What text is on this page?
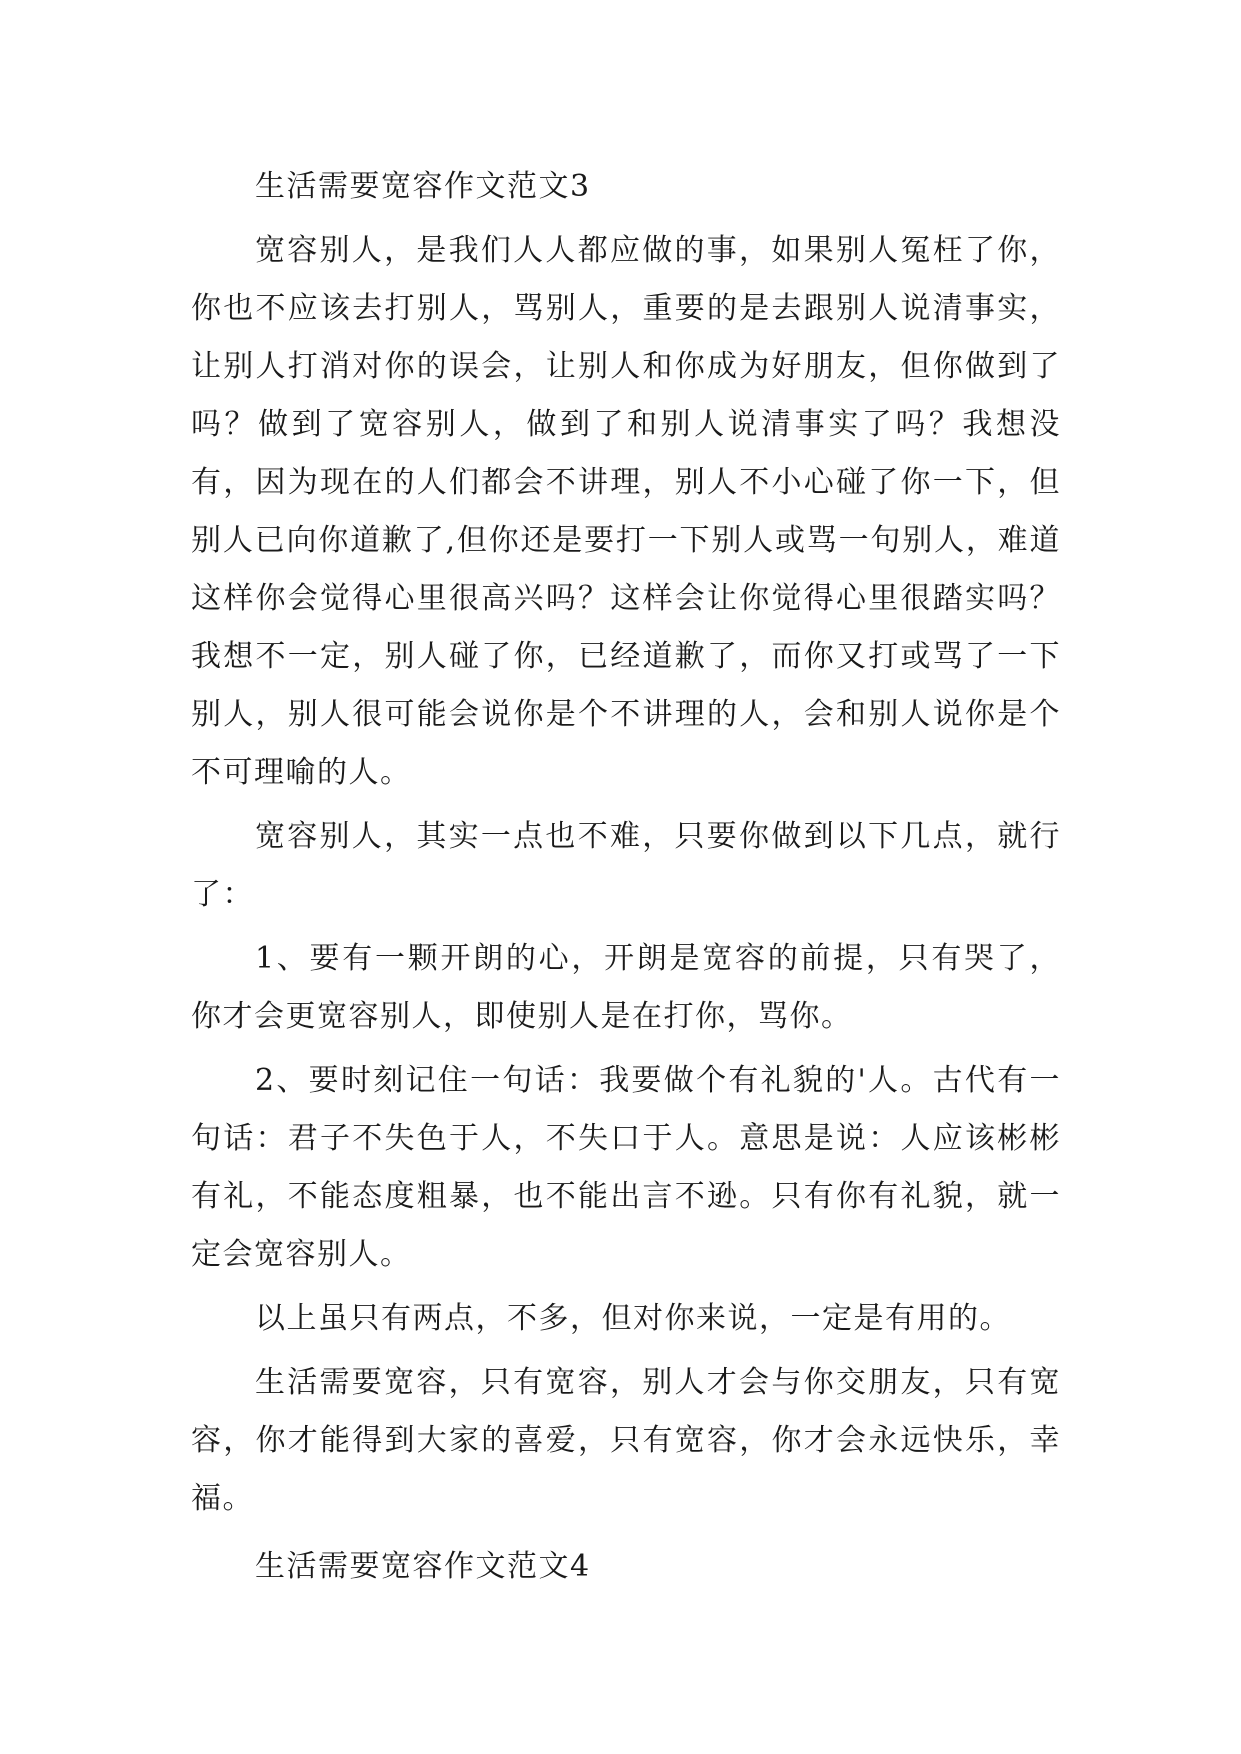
生活需要宽容作文范文3

宽容别人，是我们人人都应做的事，如果别人冤枉了你，你也不应该去打别人，骂别人，重要的是去跟别人说清事实，让别人打消对你的误会，让别人和你成为好朋友，但你做到了吗？做到了宽容别人，做到了和别人说清事实了吗？我想没有，因为现在的人们都会不讲理，别人不小心碰了你一下，但别人已向你道歉了,但你还是要打一下别人或骂一句别人，难道这样你会觉得心里很高兴吗？这样会让你觉得心里很踏实吗？我想不一定，别人碰了你，已经道歉了，而你又打或骂了一下别人，别人很可能会说你是个不讲理的人，会和别人说你是个不可理喻的人。

宽容别人，其实一点也不难，只要你做到以下几点，就行了：

1、要有一颗开朗的心，开朗是宽容的前提，只有哭了，你才会更宽容别人，即使别人是在打你，骂你。

2、要时刻记住一句话：我要做个有礼貌的'人。古代有一句话：君子不失色于人，不失口于人。意思是说：人应该彬彬有礼，不能态度粗暴，也不能出言不逊。只有你有礼貌，就一定会宽容别人。

以上虽只有两点，不多，但对你来说，一定是有用的。

生活需要宽容，只有宽容，别人才会与你交朋友，只有宽容，你才能得到大家的喜爱，只有宽容，你才会永远快乐，幸福。

生活需要宽容作文范文4
